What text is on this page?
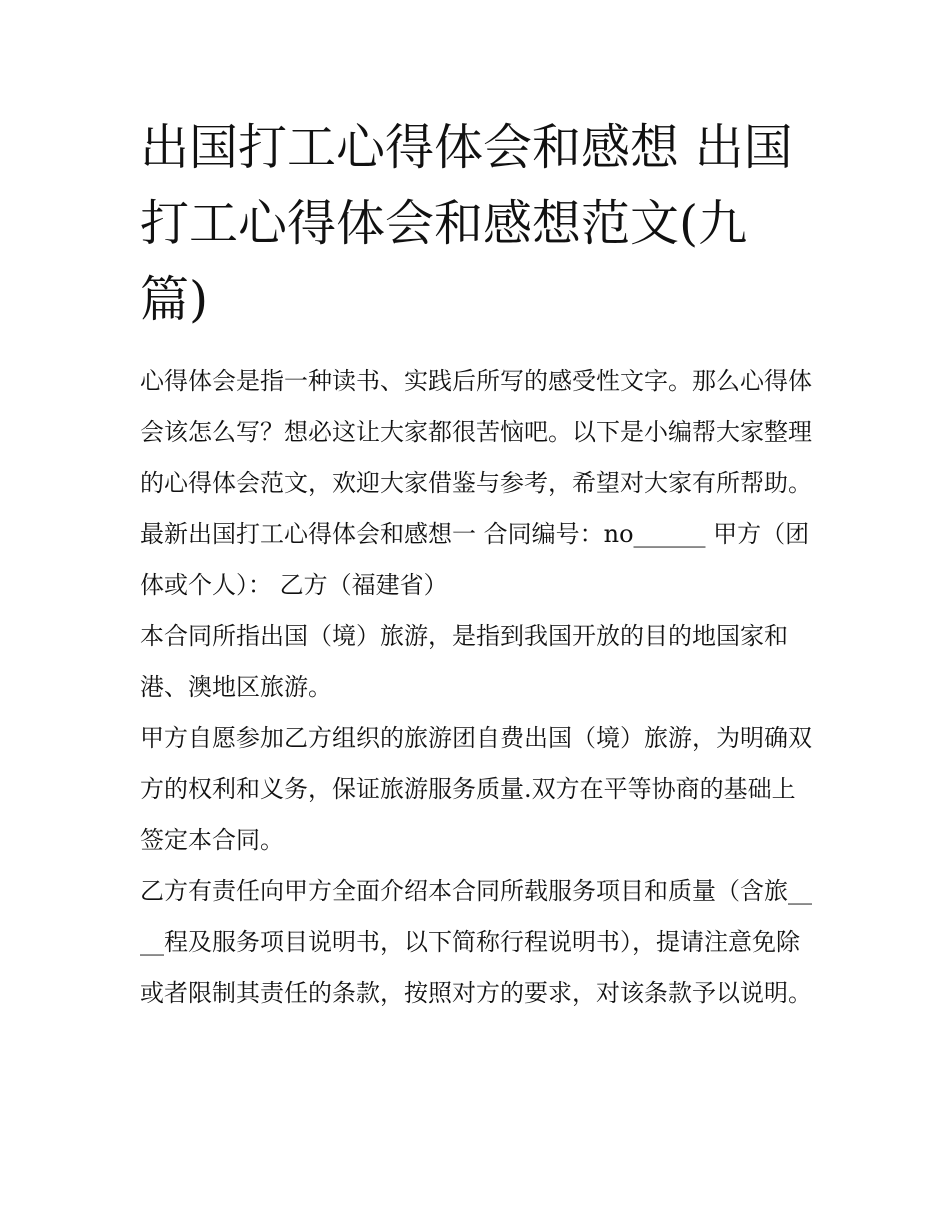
出国打工心得体会和感想 出国打工心得体会和感想范文(九篇)

心得体会是指一种读书、实践后所写的感受性文字。那么心得体会该怎么写？想必这让大家都很苦恼吧。以下是小编帮大家整理的心得体会范文，欢迎大家借鉴与参考，希望对大家有所帮助。

最新出国打工心得体会和感想一 合同编号：no______ 甲方（团体或个人）： 乙方（福建省）

本合同所指出国（境）旅游，是指到我国开放的目的地国家和港、澳地区旅游。

甲方自愿参加乙方组织的旅游团自费出国（境）旅游，为明确双方的权利和义务，保证旅游服务质量.双方在平等协商的基础上签定本合同。

乙方有责任向甲方全面介绍本合同所载服务项目和质量（含旅____程及服务项目说明书，以下简称行程说明书），提请注意免除或者限制其责任的条款，按照对方的要求，对该条款予以说明。
